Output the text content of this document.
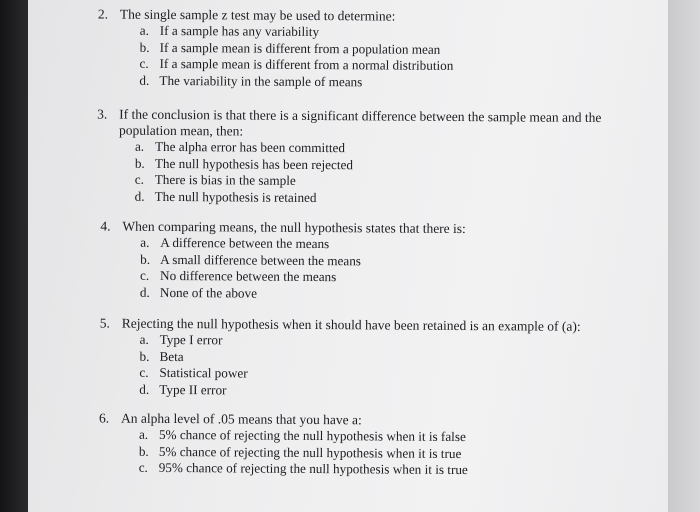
2. The single sample z test may be used to determine:
a. If a sample has any variability
b. If a sample mean is different from a population mean
c. If a sample mean is different from a normal distribution
d. The variability in the sample of means
3. If the conclusion is that there is a significant difference between the sample mean and the population mean, then:
a. The alpha error has been committed
b. The null hypothesis has been rejected
c. There is bias in the sample
d. The null hypothesis is retained
4. When comparing means, the null hypothesis states that there is:
a. A difference between the means
b. A small difference between the means
c. No difference between the means
d. None of the above
5. Rejecting the null hypothesis when it should have been retained is an example of (a):
a. Type I error
b. Beta
c. Statistical power
d. Type II error
6. An alpha level of .05 means that you have a:
a. 5% chance of rejecting the null hypothesis when it is false
b. 5% chance of rejecting the null hypothesis when it is true
c. 95% chance of rejecting the null hypothesis when it is true
